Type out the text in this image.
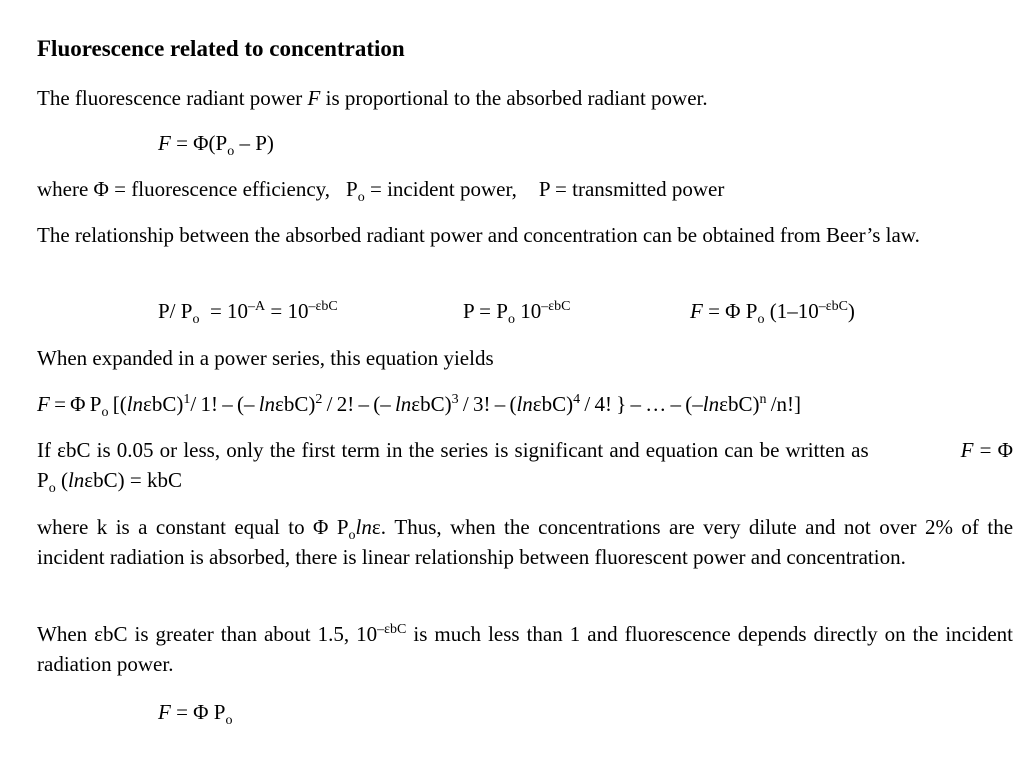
Fluorescence related to concentration

The fluorescence radiant power F is proportional to the absorbed radiant power.

$F = \Phi(P_o - P)$

where Φ = fluorescence efficiency, $P_o$ = incident power, P = transmitted power

The relationship between the absorbed radiant power and concentration can be obtained from Beer’s law.

P/ $P_o = 10^{-A} = 10^{-\varepsilon bC}$	$P = P_o$ $10^{-\varepsilon bC}$	F = Φ $P_o$ $(1-10^{-\varepsilon bC})$

When expanded in a power series, this equation yields

F = Φ $P_o$ [$(\ln\varepsilon bC)^1/$ 1! – (– lnεbC)$^2$ / 2! – (– lnεbC)$^3$ / 3! – $(\ln\varepsilon bC)^4 / 4$! } – … – $(-\ln\varepsilon bC)^n$ /n!]

If εbC is 0.05 or less, only the first term in the series is significant and equation can be written as	F = Φ $P_o$ (lnεbC) = kbC

where k is a constant equal to Φ $P_o\ln\varepsilon$. Thus, when the concentrations are very dilute and not over 2% of the incident radiation is absorbed, there is linear relationship between fluorescent power and concentration.

When εbC is greater than about 1.5, $10^{-\varepsilon bC}$ is much less than 1 and fluorescence depends directly on the incident radiation power.

F = Φ $P_o$
